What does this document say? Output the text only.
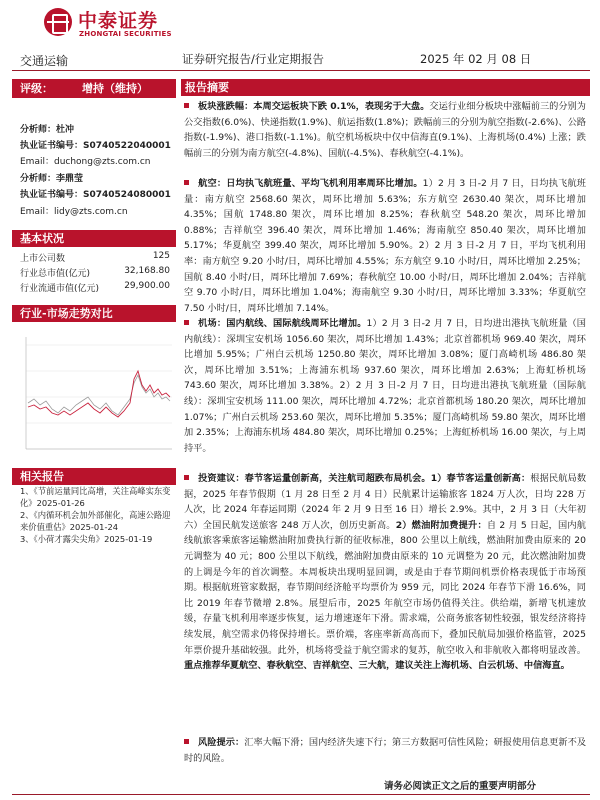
中泰证券
ZHONGTAI SECURITIES
交通运输	证券研究报告/行业定期报告	2025 年 02 月 08 日
评级：	增持（维持）
分析师：杜冲
执业证书编号：S0740522040001
Email：duchong@zts.com.cn
分析师：李鼎莹
执业证书编号：S0740524080001
Email：lidy@zts.com.cn
基本状况
上市公司数	125
行业总市值(亿元)	32,168.80
行业流通市值(亿元)	29,900.00
行业-市场走势对比
相关报告
1、《节前运量同比高增，关注高峰实东变化》2025-01-26
2、《内循环机会加外部催化，高速公路迎来价值重估》2025-01-24
3、《小荷才露尖尖角》2025-01-19
报告摘要
板块涨跌幅：本周交运板块下跌 0.1%，表现劣于大盘。交运行业细分板块中涨幅前三的分别为公交指数(6.0%)、快递指数(1.9%)、航运指数(1.8%)；跌幅前三的分别为航空指数(-2.6%)、公路指数(-1.9%)、港口指数(-1.1%)。航空机场板块中仅中信海直(9.1%)、上海机场(0.4%) 上涨；跌幅前三的分别为南方航空(-4.8%)、国航(-4.5%)、春秋航空(-4.1%)。
航空：日均执飞航班量、平均飞机利用率周环比增加。1）2 月 3 日-2 月 7 日，日均执飞航班量：南方航空 2568.60 架次，周环比增加 5.63%；东方航空 2630.40 架次，周环比增加 4.35%；国航 1748.80 架次，周环比增加 8.25%；春秋航空 548.20 架次，周环比增加 0.88%；吉祥航空 396.40 架次，周环比增加 1.46%；海南航空 850.40 架次，周环比增加 5.17%；华夏航空 399.40 架次，周环比增加 5.90%。2）2 月 3 日-2 月 7 日，平均飞机利用率：南方航空 9.20 小时/日，周环比增加 4.55%；东方航空 9.10 小时/日，周环比增加 2.25%；国航 8.40 小时/日，周环比增加 7.69%；春秋航空 10.00 小时/日，周环比增加 2.04%；吉祥航空 9.70 小时/日，周环比增加 1.04%；海南航空 9.30 小时/日，周环比增加 3.33%；华夏航空 7.50 小时/日，周环比增加 7.14%。
机场：国内航线、国际航线周环比增加。1）2 月 3 日-2 月 7 日，日均进出港执飞航班量（国内航线）：深圳宝安机场 1056.60 架次，周环比增加 1.43%；北京首都机场 969.40 架次，周环比增加 5.95%；广州白云机场 1250.80 架次，周环比增加 3.08%；厦门高崎机场 486.80 架次，周环比增加 3.51%；上海浦东机场 937.60 架次，周环比增加 2.63%；上海虹桥机场 743.60 架次，周环比增加 3.38%。2）2 月 3 日-2 月 7 日，日均进出港执飞航班量（国际航线）：深圳宝安机场 111.00 架次，周环比增加 4.72%；北京首都机场 180.20 架次，周环比增加 1.07%；广州白云机场 253.60 架次，周环比增加 5.35%；厦门高崎机场 59.80 架次，周环比增加 2.35%；上海浦东机场 484.80 架次，周环比增加 0.25%；上海虹桥机场 16.00 架次，与上周持平。
投资建议：春节客运量创新高，关注航司超跌布局机会。1）春节客运量创新高：根据民航局数据，2025 年春节假期（1 月 28 日至 2 月 4 日）民航累计运输旅客 1824 万人次，日均 228 万人次，比 2024 年春运同期（2024 年 2 月 9 日至 16 日）增长 2.9%。其中，2 月 3 日（大年初六）全国民航发送旅客 248 万人次，创历史新高。2）燃油附加费提升：自 2 月 5 日起，国内航线航旅客乘旅客运输燃油附加费执行新的征收标准，800 公里以上航线，燃油附加费由原来的 20 元调整为 40 元；800 公里以下航线，燃油附加费由原来的 10 元调整为 20 元，此次燃油附加费的上调是今年的首次调整。本周板块出现明显回调，或是由于春节期间机票价格表现低于市场预期。根据航班管家数据，春节期间经济舱平均票价为 959 元，同比 2024 年春节下滑 16.6%，同比 2019 年春节微增 2.8%。展望后市，2025 年航空市场仍值得关注。供给端，新增飞机速放缓，存量飞机利用率逐步恢复，运力增速逐年下滑。需求端，公商务旅客韧性较强，银发经济将持续发展，航空需求仍将保持增长。票价端，客座率新高高而下，叠加民航局加强价格监管，2025 年票价提升基础较强。此外，机场将受益于航空需求的复苏，航空收入和非航收入都将明显改善。重点推荐华夏航空、春秋航空、吉祥航空、三大航，建议关注上海机场、白云机场、中信海直。
风险提示：汇率大幅下滑；国内经济失速下行；第三方数据可信性风险；研报使用信息更新不及时的风险。
请务必阅读正文之后的重要声明部分
